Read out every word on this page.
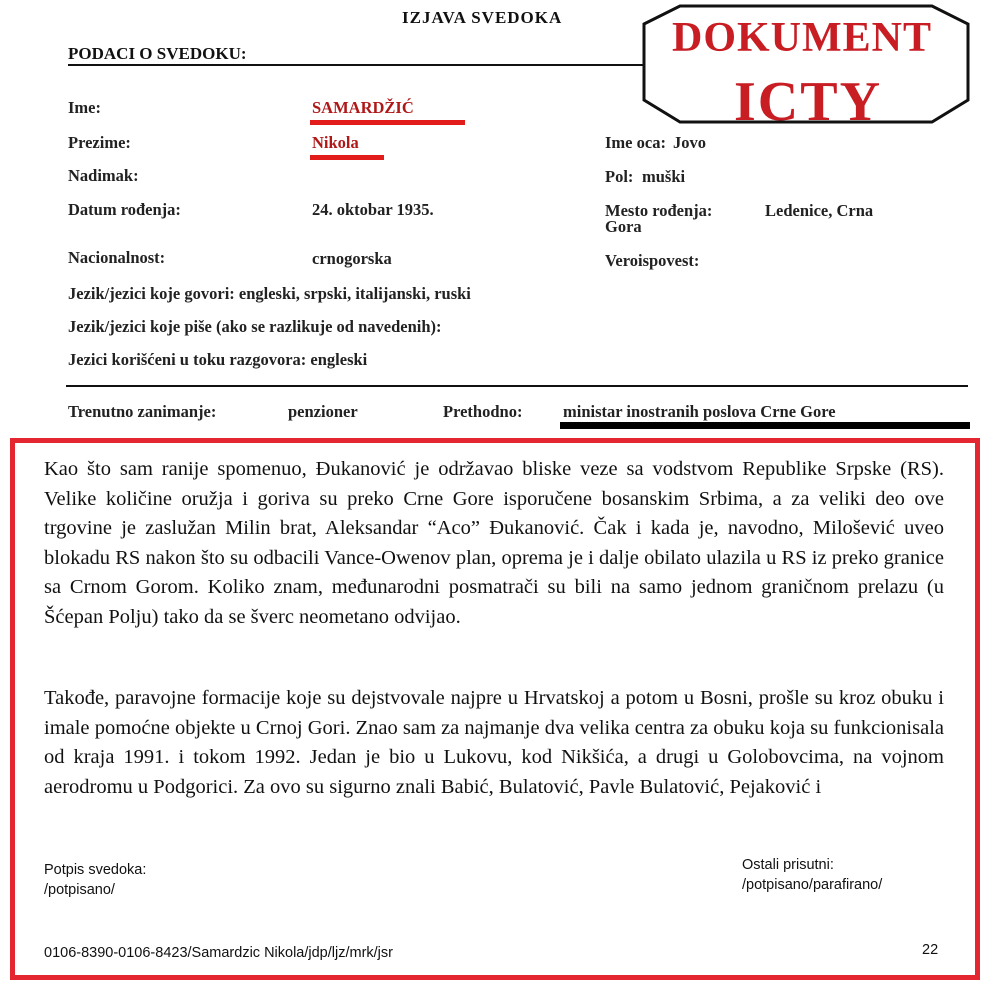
IZJAVA SVEDOKA
PODACI O SVEDOKU:	DOKUMENT
ICTY
Ime:	SAMARDŽIĆ
Prezime:	Nikola	Ime oca: Jovo
Nadimak:	Pol: muški
Datum rođenja:	24. oktobar 1935.	Mesto rođenja:	Ledenice, Crna
Gora
Nacionalnost:	crnogorska	Veroispovest:
Jezik/jezici koje govori: engleski, srpski, italijanski, ruski
Jezik/jezici koje piše (ako se razlikuje od navedenih):
Jezici korišćeni u toku razgovora: engleski
Trenutno zanimanje:	penzioner	Prethodno: ministar inostranih poslova Crne Gore
Kao što sam ranije spomenuo, Đukanović je održavao bliske veze sa vodstvom Republike Srpske (RS). Velike količine oružja i goriva su preko Crne Gore isporučene bosanskim Srbima, a za veliki deo ove trgovine je zaslužan Milin brat, Aleksandar “Aco” Đukanović. Čak i kada je, navodno, Milošević uveo blokadu RS nakon što su odbacili Vance-Owenov plan, oprema je i dalje obilato ulazila u RS iz preko granice sa Crnom Gorom. Koliko znam, međunarodni posmatrači su bili na samo jednom graničnom prelazu (u Šćepan Polju) tako da se šverc neometano odvijao.
Takođe, paravojne formacije koje su dejstvovale najpre u Hrvatskoj a potom u Bosni, prošle su kroz obuku i imale pomoćne objekte u Crnoj Gori. Znao sam za najmanje dva velika centra za obuku koja su funkcionisala od kraja 1991. i tokom 1992. Jedan je bio u Lukovu, kod Nikšića, a drugi u Golobovcima, na vojnom aerodromu u Podgorici. Za ovo su sigurno znali Babić, Bulatović, Pavle Bulatović, Pejaković i
Potpis svedoka:
/potpisano/
Ostali prisutni:
/potpisano/parafirano/
0106-8390-0106-8423/Samardzic Nikola/jdp/ljz/mrk/jsr	22
